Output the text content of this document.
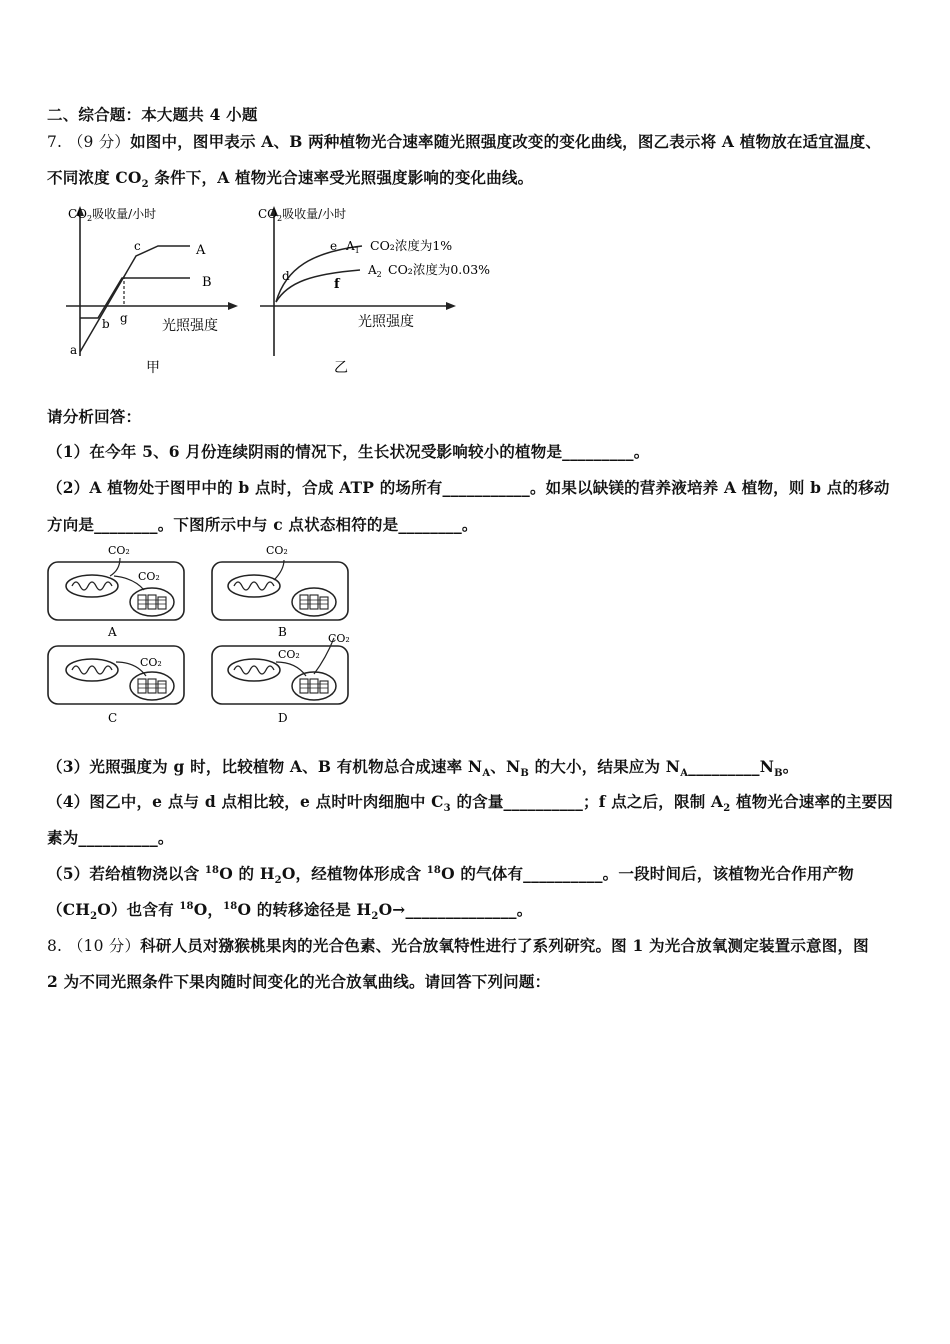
二、综合题：本大题共 4 小题
7. （9 分）如图中，图甲表示 A、B 两种植物光合速率随光照强度改变的变化曲线，图乙表示将 A 植物放在适宜温度、
不同浓度 $CO_2$ 条件下，A 植物光合速率受光照强度影响的变化曲线。
$CO_2$吸收量/小时
c	A
B
g
b
a
光照强度
甲
$CO_2$吸收量/小时
e $A_1$ CO₂浓度为1%
d	$A_2$ CO₂浓度为0.03%
f
光照强度
乙
请分析回答：
（1）在今年 5、6 月份连续阴雨的情况下，生长状况受影响较小的植物是_________。
（2）A 植物处于图甲中的 b 点时，合成 ATP 的场所有___________。如果以缺镁的营养液培养 A 植物，则 b 点的移动
方向是________。下图所示中与 c 点状态相符的是________。
CO₂
CO₂
A
CO₂
B
CO₂
C
CO₂
CO₂
D
（3）光照强度为 g 时，比较植物 A、B 有机物总合成速率 $N_A$、$N_B$ 的大小，结果应为 $N_A\_\_\_\_\_\_\_\_\_N_B$。
（4）图乙中，e 点与 d 点相比较，e 点时叶肉细胞中 $C_3$ 的含量__________；f 点之后，限制 $A_2$ 植物光合速率的主要因
素为__________。
（5）若给植物浇以含 $^{18}$O 的 $H_2O$，经植物体形成含 $^{18}$O 的气体有__________。一段时间后，该植物光合作用产物
$(CH_2O)$也含有 $^{18}$O，$^{18}$O 的转移途径是 $H_2O\to\_\_\_\_\_\_\_\_\_\_\_\_\_\_$。
8. （10 分）科研人员对猕猴桃果肉的光合色素、光合放氧特性进行了系列研究。图 1 为光合放氧测定装置示意图，图
2 为不同光照条件下果肉随时间变化的光合放氧曲线。请回答下列问题：
